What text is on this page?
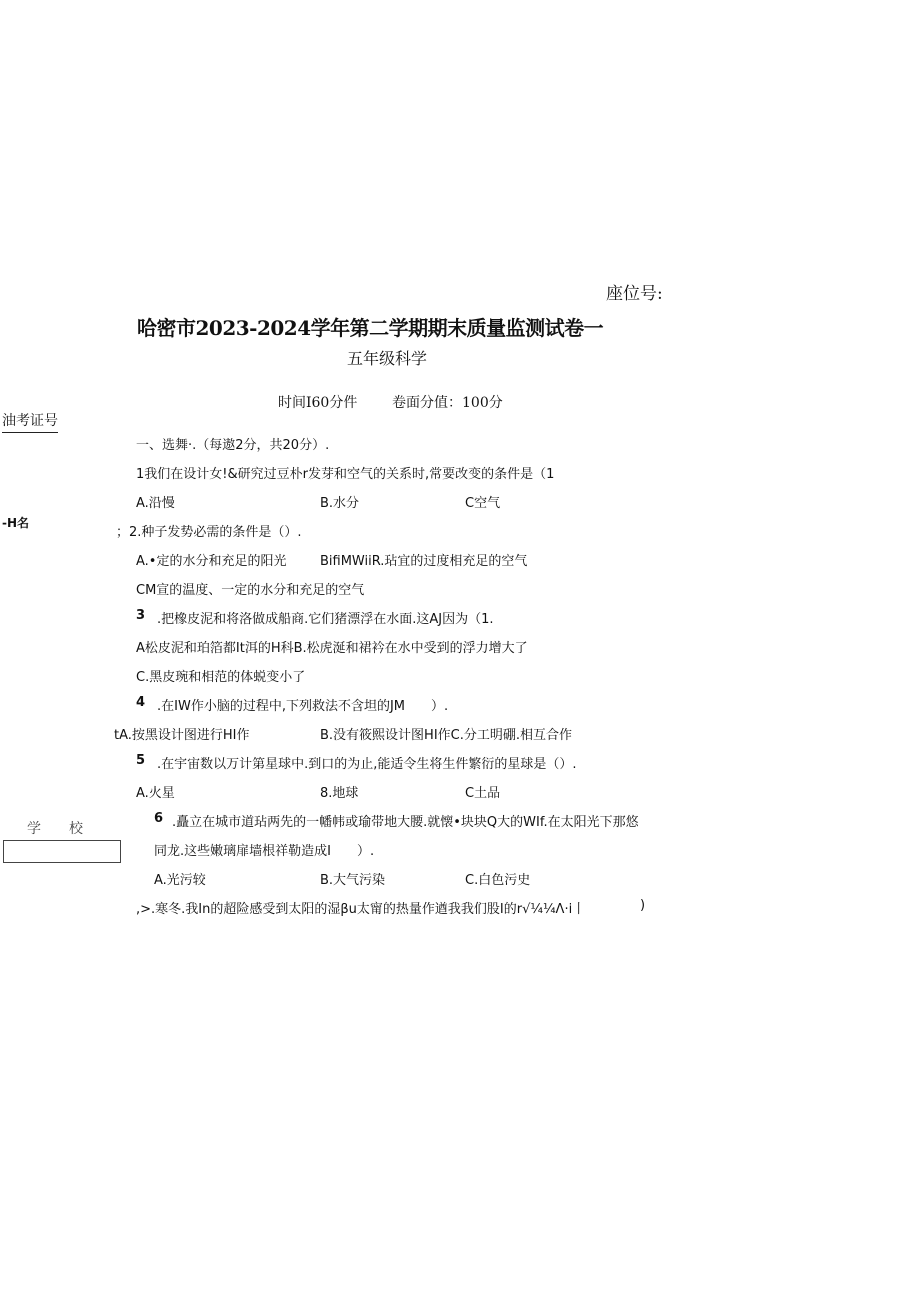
座位号:
哈密市2023-2024学年第二学期期末质量监测试卷一
五年级科学
时间I60分件 卷面分值：100分
油考证号
-H名
学校
一、选舞·.（每遨2分，共20分）.
1我们在设计女!&研究过豆朴r发芽和空气的关系时,常要改变的条件是（1
A.沿慢	B.水分	C空气
；2.种子发势必需的条件是（）.
A.•定的水分和充足的阳光	BifiMWiiR.玷宜的过度相充足的空气
CM宣的温度、一定的水分和充足的空气
3 .把橡皮泥和将洛做成船商.它们猪漂浮在水面.这AJ因为（1.
A松皮泥和珀箔都It洱的H科B.松虎涎和裙衿在水中受到的浮力增大了
C.黑皮琬和相范的体蜕变小了
4 .在IW作小脑的过程中,下列救法不含坦的JM　　）.
tA.按黑设计图进行HI作	B.没有筱熙设计图HI作C.分工明硼.相互合作
5 .在宇宙数以万计第星球中.到口的为止,能适令生将生件繁衍的星球是（）.
A.火星	8.地球	C土品
6 .矗立在城市道玷两先的一幡帏或瑜带地大腰.就懐•块块Q大的WIf.在太阳光下那悠
同龙.这些嫩璃扉墙根祥勒造成I　　）.
A.光污较	B.大气污染	C.白色污史
,>.寒冬.我In的超险感受到太阳的湿βu太甯的热量作遒我我们股I的r√¼¼Λ·i丨	)
